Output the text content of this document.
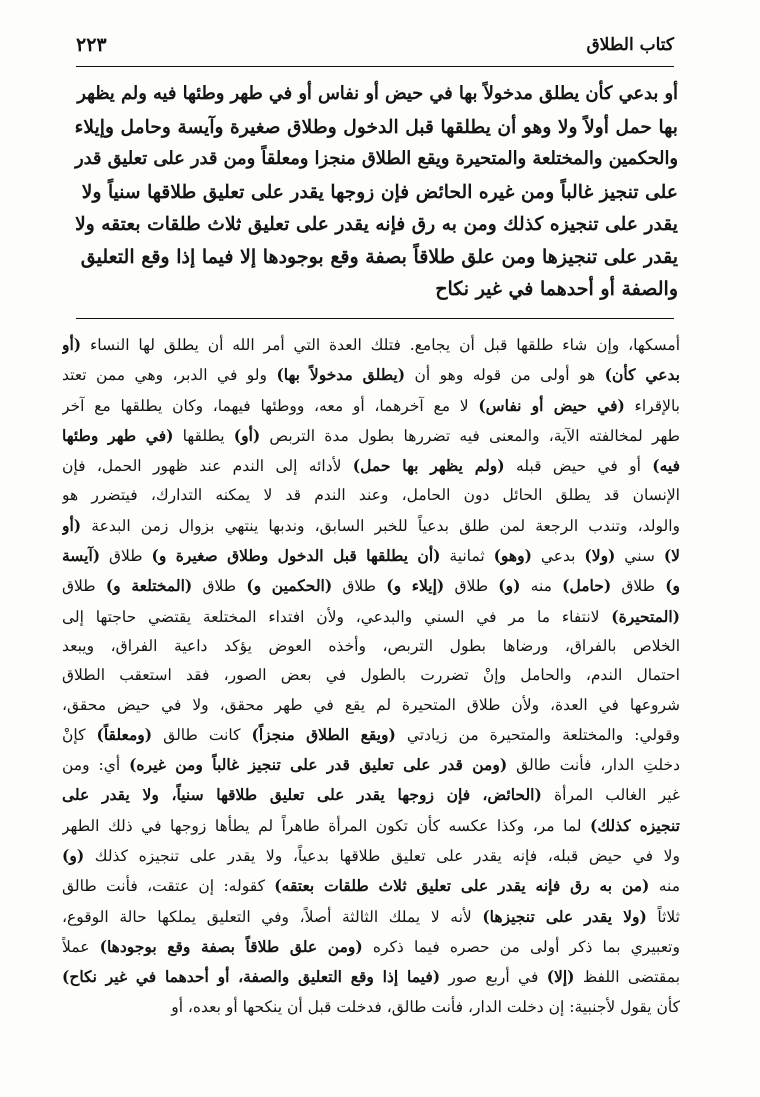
٢٢٣	كتاب الطلاق
أو بدعي كأن يطلق مدخولاً بها في حيض أو نفاس أو في طهر وطئها فيه ولم يظهر
بها حمل أولاً ولا وهو أن يطلقها قبل الدخول وطلاق صغيرة وآيسة وحامل وإيلاء
والحكمين والمختلعة والمتحيرة ويقع الطلاق منجزا ومعلقاً ومن قدر على تعليق قدر
على تنجيز غالباً ومن غيره الحائض فإن زوجها يقدر على تعليق طلاقها سنياً ولا
يقدر على تنجيزه كذلك ومن به رق فإنه يقدر على تعليق ثلاث طلقات بعتقه ولا
يقدر على تنجيزها ومن علق طلاقاً بصفة وقع بوجودها إلا فيما إذا وقع التعليق
والصفة أو أحدهما في غير نكاح
أمسكها، وإن شاء طلقها قبل أن يجامع. فتلك العدة التي أمر الله أن يطلق لها النساء (أو
بدعي كأن) هو أولى من قوله وهو أن (يطلق مدخولاً بها) ولو في الدبر، وهي ممن تعتد
بالإقراء (في حيض أو نفاس) لا مع آخرهما، أو معه، ووطئها فيهما، وكان يطلقها مع آخر
طهر لمخالفته الآية، والمعنى فيه تضررها بطول مدة التربص (أو) يطلقها (في طهر وطئها
فيه) أو في حيض قبله (ولم يظهر بها حمل) لأدائه إلى الندم عند ظهور الحمل، فإن
الإنسان قد يطلق الحائل دون الحامل، وعند الندم قد لا يمكنه التدارك، فيتضرر هو
والولد، وتندب الرجعة لمن طلق بدعياً للخبر السابق، وندبها ينتهي بزوال زمن البدعة (أو
لا) سني (ولا) بدعي (وهو) ثمانية (أن يطلقها قبل الدخول وطلاق صغيرة و) طلاق (آيسة
و) طلاق (حامل) منه (و) طلاق (إيلاء و) طلاق (الحكمين و) طلاق (المختلعة و) طلاق
(المتحيرة) لانتفاء ما مر في السني والبدعي، ولأن افتداء المختلعة يقتضي حاجتها إلى
الخلاص بالفراق، ورضاها بطول التربص، وأخذه العوض يؤكد داعية الفراق، ويبعد
احتمال الندم، والحامل وإنْ تضررت بالطول في بعض الصور، فقد استعقب الطلاق
شروعها في العدة، ولأن طلاق المتحيرة لم يقع في طهر محقق، ولا في حيض محقق،
وقولي: والمختلعة والمتحيرة من زيادتي (ويقع الطلاق منجزاً) كانت طالق (ومعلقاً) كإنْ
دخلتِ الدار، فأنت طالق (ومن قدر على تعليق قدر على تنجيز غالباً ومن غيره) أي: ومن
غير الغالب المرأة (الحائض، فإن زوجها يقدر على تعليق طلاقها سنياً، ولا يقدر على
تنجيزه كذلك) لما مر، وكذا عكسه كأن تكون المرأة طاهراً لم يطأها زوجها في ذلك الطهر
ولا في حيض قبله، فإنه يقدر على تعليق طلاقها بدعياً، ولا يقدر على تنجيزه كذلك (و)
منه (من به رق فإنه يقدر على تعليق ثلاث طلقات بعتقه) كقوله: إن عتقت، فأنت طالق
ثلاثاً (ولا يقدر على تنجيزها) لأنه لا يملك الثالثة أصلاً، وفي التعليق يملكها حالة الوقوع،
وتعبيري بما ذكر أولى من حصره فيما ذكره (ومن علق طلاقاً بصفة وقع بوجودها) عملاً
بمقتضى اللفظ (إلا) في أربع صور (فيما إذا وقع التعليق والصفة، أو أحدهما في غير نكاح)
كأن يقول لأجنبية: إن دخلت الدار، فأنت طالق، فدخلت قبل أن ينكحها أو بعده، أو
